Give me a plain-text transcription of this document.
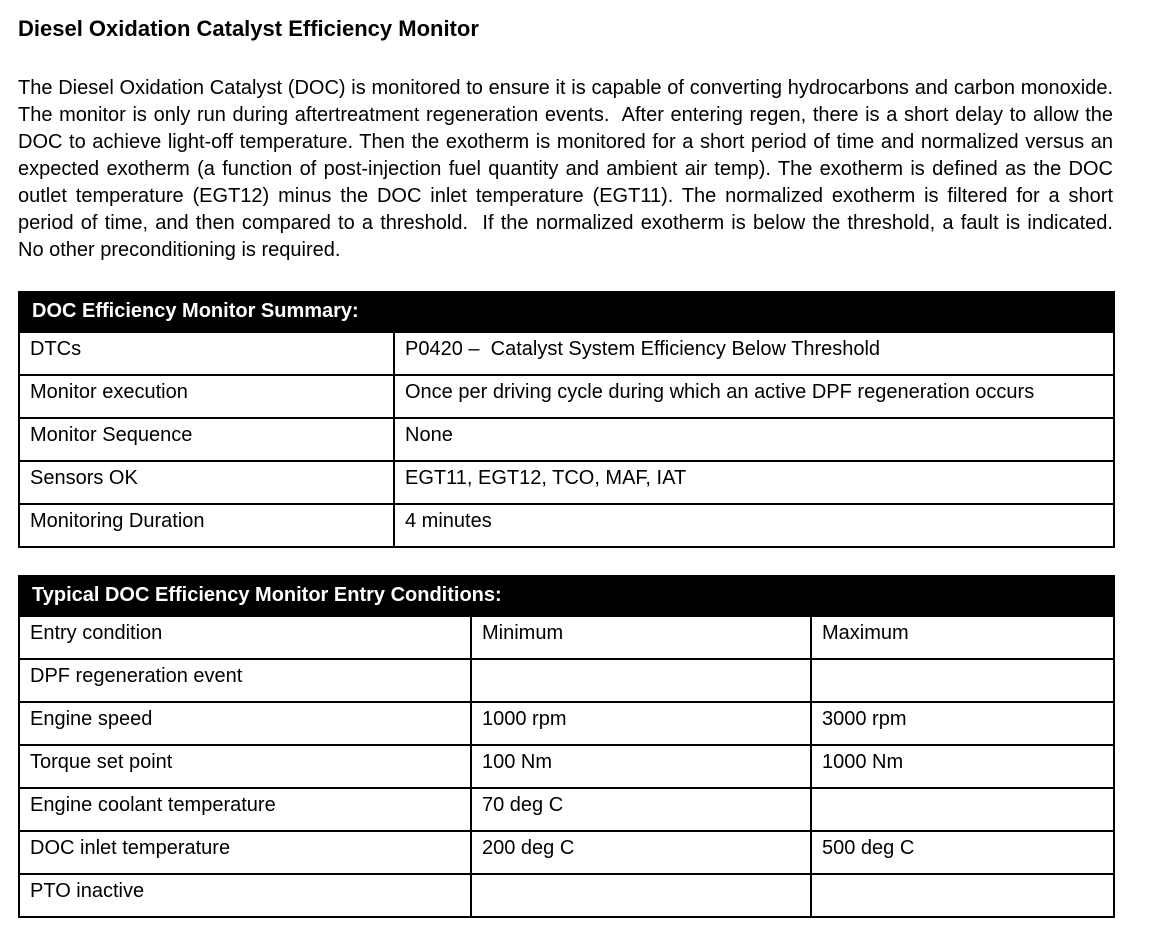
Diesel Oxidation Catalyst Efficiency Monitor
The Diesel Oxidation Catalyst (DOC) is monitored to ensure it is capable of converting hydrocarbons and carbon monoxide.  The monitor is only run during aftertreatment regeneration events.  After entering regen, there is a short delay to allow the DOC to achieve light-off temperature. Then the exotherm is monitored for a short period of time and normalized versus an expected exotherm (a function of post-injection fuel quantity and ambient air temp). The exotherm is defined as the DOC outlet temperature (EGT12) minus the DOC inlet temperature (EGT11). The normalized exotherm is filtered for a short period of time, and then compared to a threshold.  If the normalized exotherm is below the threshold, a fault is indicated.  No other preconditioning is required.
DOC Efficiency Monitor Summary:	
DTCs	P0420 –  Catalyst System Efficiency Below Threshold
Monitor execution	Once per driving cycle during which an active DPF regeneration occurs
Monitor Sequence	None
Sensors OK	EGT11, EGT12, TCO, MAF, IAT
Monitoring Duration	4 minutes
Typical DOC Efficiency Monitor Entry Conditions:		
Entry condition	Minimum	Maximum
DPF regeneration event		
Engine speed	1000 rpm	3000 rpm
Torque set point	100 Nm	1000 Nm
Engine coolant temperature	70 deg C	
DOC inlet temperature	200 deg C	500 deg C
PTO inactive		
